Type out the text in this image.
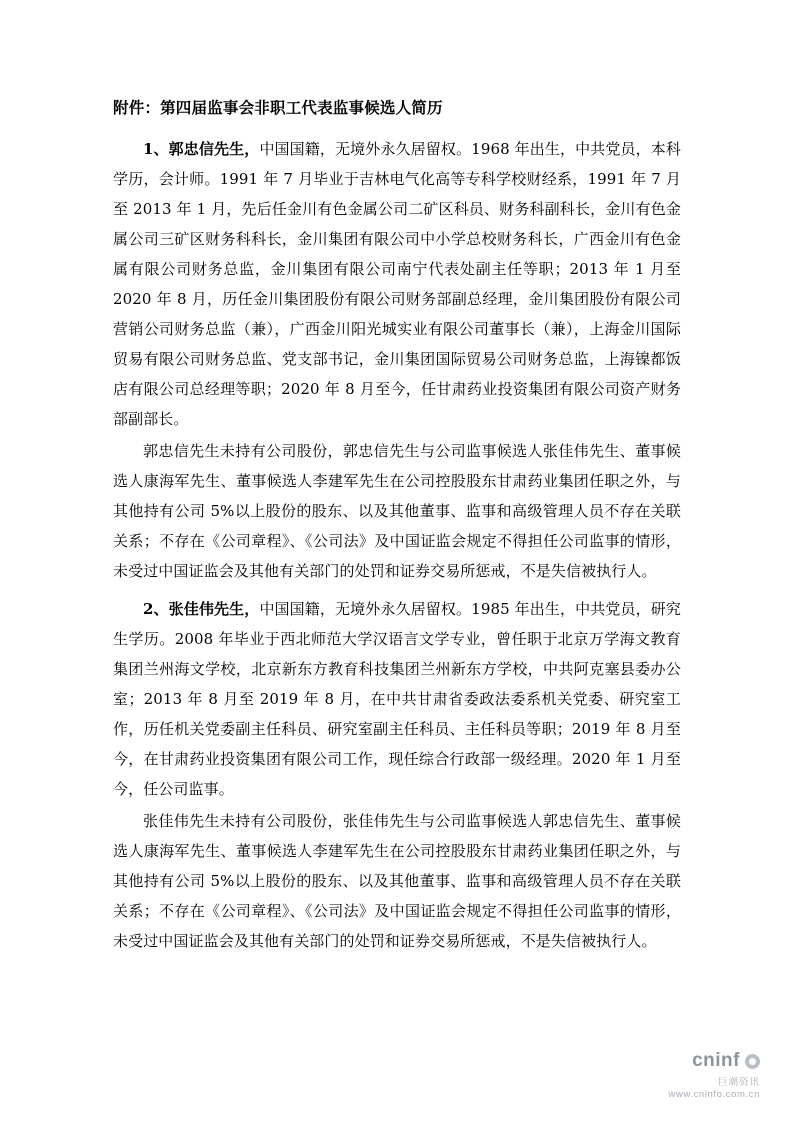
附件：第四届监事会非职工代表监事候选人简历

1、郭忠信先生，中国国籍，无境外永久居留权。1968 年出生，中共党员，本科学历，会计师。1991 年 7 月毕业于吉林电气化高等专科学校财经系，1991 年 7 月至 2013 年 1 月，先后任金川有色金属公司二矿区科员、财务科副科长，金川有色金属公司三矿区财务科科长，金川集团有限公司中小学总校财务科长，广西金川有色金属有限公司财务总监，金川集团有限公司南宁代表处副主任等职；2013 年 1 月至 2020 年 8 月，历任金川集团股份有限公司财务部副总经理，金川集团股份有限公司营销公司财务总监（兼），广西金川阳光城实业有限公司董事长（兼），上海金川国际贸易有限公司财务总监、党支部书记，金川集团国际贸易公司财务总监，上海镍都饭店有限公司总经理等职；2020 年 8 月至今，任甘肃药业投资集团有限公司资产财务部副部长。

郭忠信先生未持有公司股份，郭忠信先生与公司监事候选人张佳伟先生、董事候选人康海军先生、董事候选人李建军先生在公司控股股东甘肃药业集团任职之外，与其他持有公司 5%以上股份的股东、以及其他董事、监事和高级管理人员不存在关联关系；不存在《公司章程》、《公司法》及中国证监会规定不得担任公司监事的情形，未受过中国证监会及其他有关部门的处罚和证券交易所惩戒，不是失信被执行人。

2、张佳伟先生，中国国籍，无境外永久居留权。1985 年出生，中共党员，研究生学历。2008 年毕业于西北师范大学汉语言文学专业，曾任职于北京万学海文教育集团兰州海文学校，北京新东方教育科技集团兰州新东方学校，中共阿克塞县委办公室；2013 年 8 月至 2019 年 8 月，在中共甘肃省委政法委系机关党委、研究室工作，历任机关党委副主任科员、研究室副主任科员、主任科员等职；2019 年 8 月至今，在甘肃药业投资集团有限公司工作，现任综合行政部一级经理。2020 年 1 月至今，任公司监事。

张佳伟先生未持有公司股份，张佳伟先生与公司监事候选人郭忠信先生、董事候选人康海军先生、董事候选人李建军先生在公司控股股东甘肃药业集团任职之外，与其他持有公司 5%以上股份的股东、以及其他董事、监事和高级管理人员不存在关联关系；不存在《公司章程》、《公司法》及中国证监会规定不得担任公司监事的情形，未受过中国证监会及其他有关部门的处罚和证券交易所惩戒，不是失信被执行人。

cninf
巨潮资讯
www.cninfo.com.cn
